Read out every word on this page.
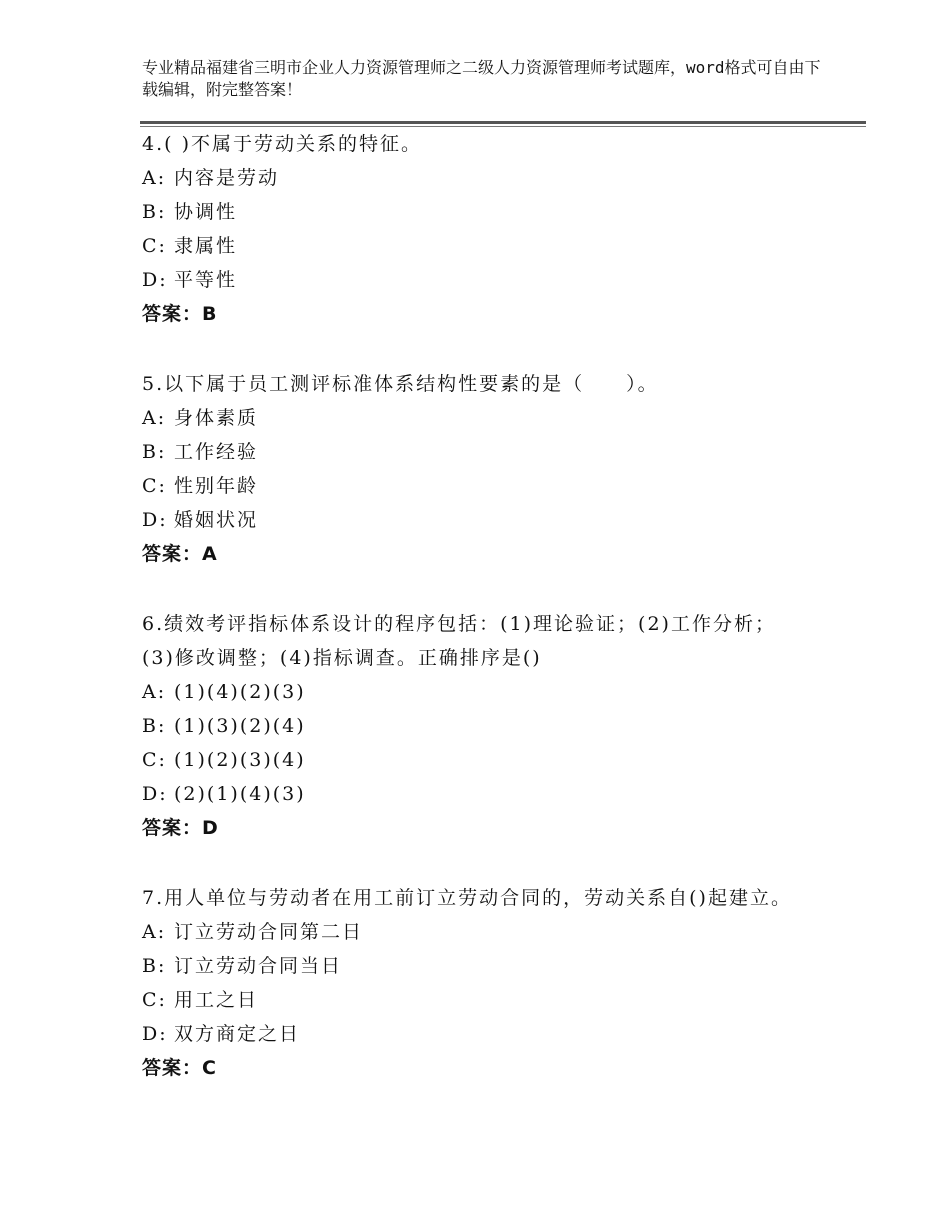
专业精品福建省三明市企业人力资源管理师之二级人力资源管理师考试题库，word格式可自由下载编辑，附完整答案！
4.( )不属于劳动关系的特征。
A: 内容是劳动
B: 协调性
C: 隶属性
D: 平等性
答案：B
5.以下属于员工测评标准体系结构性要素的是（　　）。
A: 身体素质
B: 工作经验
C: 性别年龄
D: 婚姻状况
答案：A
6.绩效考评指标体系设计的程序包括：(1)理论验证；(2)工作分析；(3)修改调整；(4)指标调查。正确排序是()
A: (1)(4)(2)(3)
B: (1)(3)(2)(4)
C: (1)(2)(3)(4)
D: (2)(1)(4)(3)
答案：D
7.用人单位与劳动者在用工前订立劳动合同的，劳动关系自()起建立。
A: 订立劳动合同第二日
B: 订立劳动合同当日
C: 用工之日
D: 双方商定之日
答案：C
